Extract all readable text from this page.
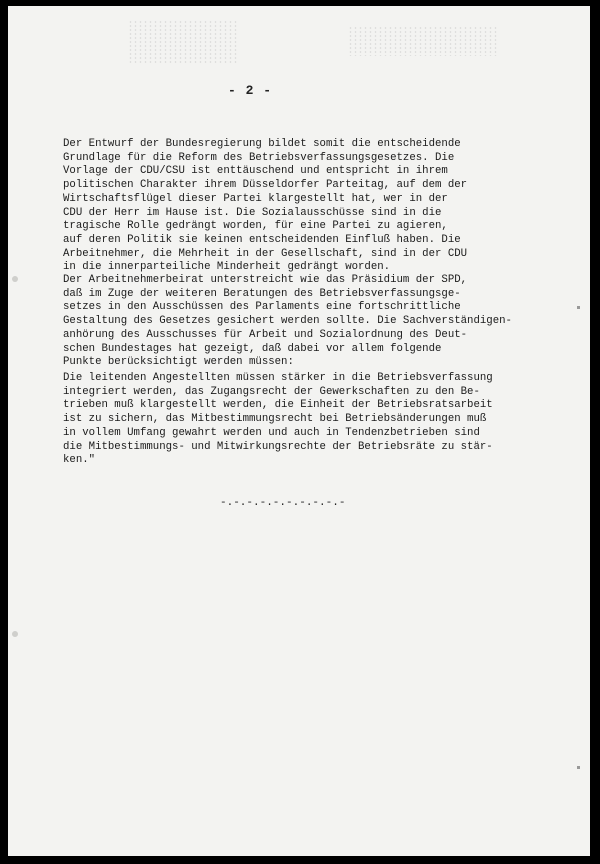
- 2 -

Der Entwurf der Bundesregierung bildet somit die entscheidende
Grundlage für die Reform des Betriebsverfassungsgesetzes. Die
Vorlage der CDU/CSU ist enttäuschend und entspricht in ihrem
politischen Charakter ihrem Düsseldorfer Parteitag, auf dem der
Wirtschaftsflügel dieser Partei klargestellt hat, wer in der
CDU der Herr im Hause ist. Die Sozialausschüsse sind in die
tragische Rolle gedrängt worden, für eine Partei zu agieren,
auf deren Politik sie keinen entscheidenden Einfluß haben. Die
Arbeitnehmer, die Mehrheit in der Gesellschaft, sind in der CDU
in die innerparteiliche Minderheit gedrängt worden.

Der Arbeitnehmerbeirat unterstreicht wie das Präsidium der SPD,
daß im Zuge der weiteren Beratungen des Betriebsverfassungsge-
setzes in den Ausschüssen des Parlaments eine fortschrittliche
Gestaltung des Gesetzes gesichert werden sollte. Die Sachverständigen-
anhörung des Ausschusses für Arbeit und Sozialordnung des Deut-
schen Bundestages hat gezeigt, daß dabei vor allem folgende
Punkte berücksichtigt werden müssen:

Die leitenden Angestellten müssen stärker in die Betriebsverfassung
integriert werden, das Zugangsrecht der Gewerkschaften zu den Be-
trieben muß klargestellt werden, die Einheit der Betriebsratsarbeit
ist zu sichern, das Mitbestimmungsrecht bei Betriebsänderungen muß
in vollem Umfang gewahrt werden und auch in Tendenzbetrieben sind
die Mitbestimmungs- und Mitwirkungsrechte der Betriebsräte zu stär-
ken."

-.-.-.-.-.-.-.-.-.-
